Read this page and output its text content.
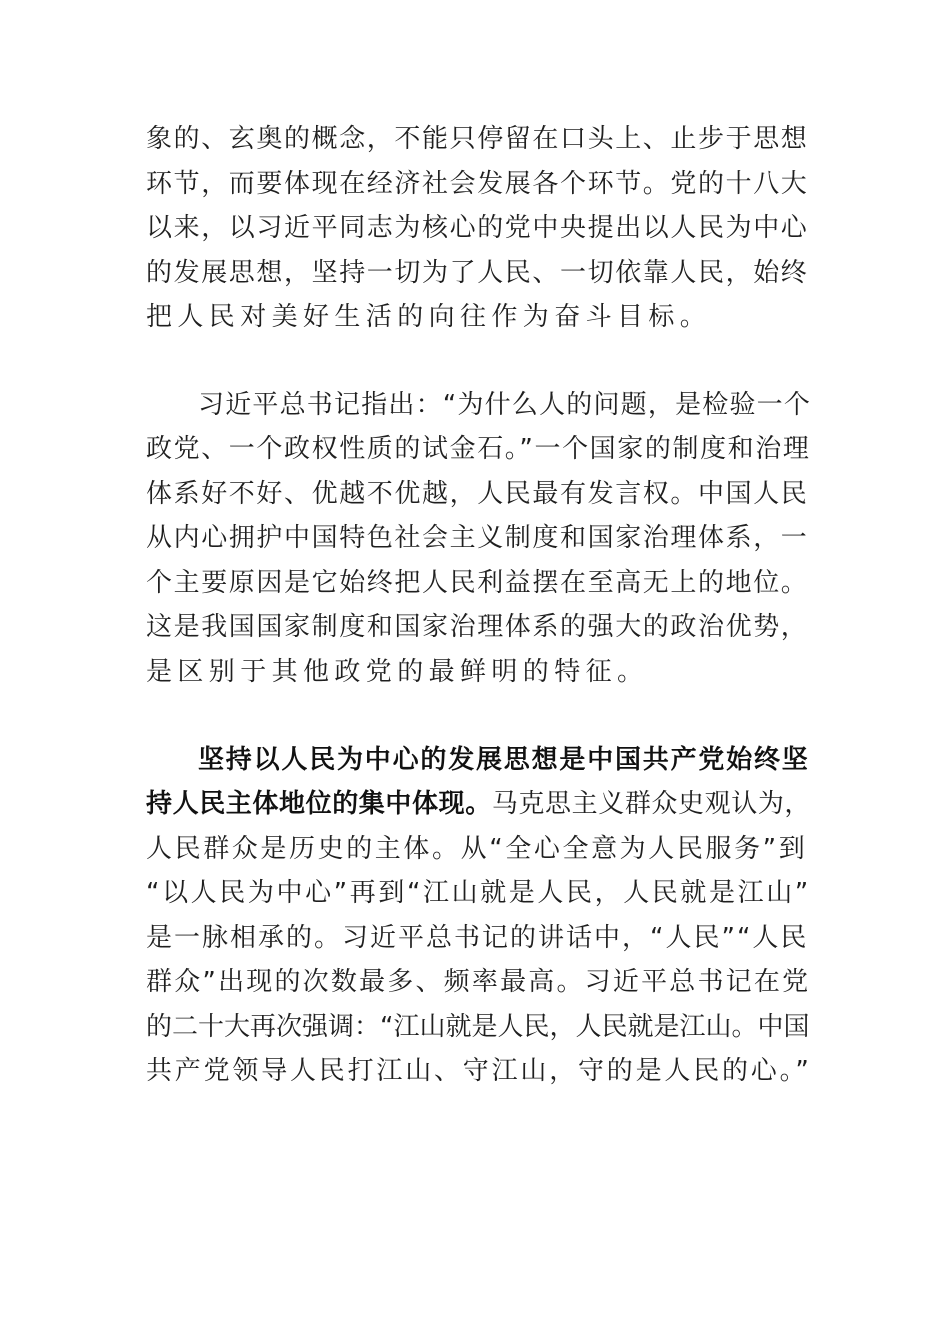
象的、玄奥的概念，不能只停留在口头上、止步于思想

环节，而要体现在经济社会发展各个环节。党的十八大

以来，以习近平同志为核心的党中央提出以人民为中心

的发展思想，坚持一切为了人民、一切依靠人民，始终

把人民对美好生活的向往作为奋斗目标。

习近平总书记指出：“为什么人的问题，是检验一个

政党、一个政权性质的试金石。”一个国家的制度和治理

体系好不好、优越不优越，人民最有发言权。中国人民

从内心拥护中国特色社会主义制度和国家治理体系，一

个主要原因是它始终把人民利益摆在至高无上的地位。

这是我国国家制度和国家治理体系的强大的政治优势，

是区别于其他政党的最鲜明的特征。

坚持以人民为中心的发展思想是中国共产党始终坚

持人民主体地位的集中体现。马克思主义群众史观认为，

人民群众是历史的主体。从“全心全意为人民服务”到

“以人民为中心”再到“江山就是人民，人民就是江山”

是一脉相承的。习近平总书记的讲话中，“人民”“人民

群众”出现的次数最多、频率最高。习近平总书记在党

的二十大再次强调：“江山就是人民，人民就是江山。中国

共产党领导人民打江山、守江山，守的是人民的心。”
